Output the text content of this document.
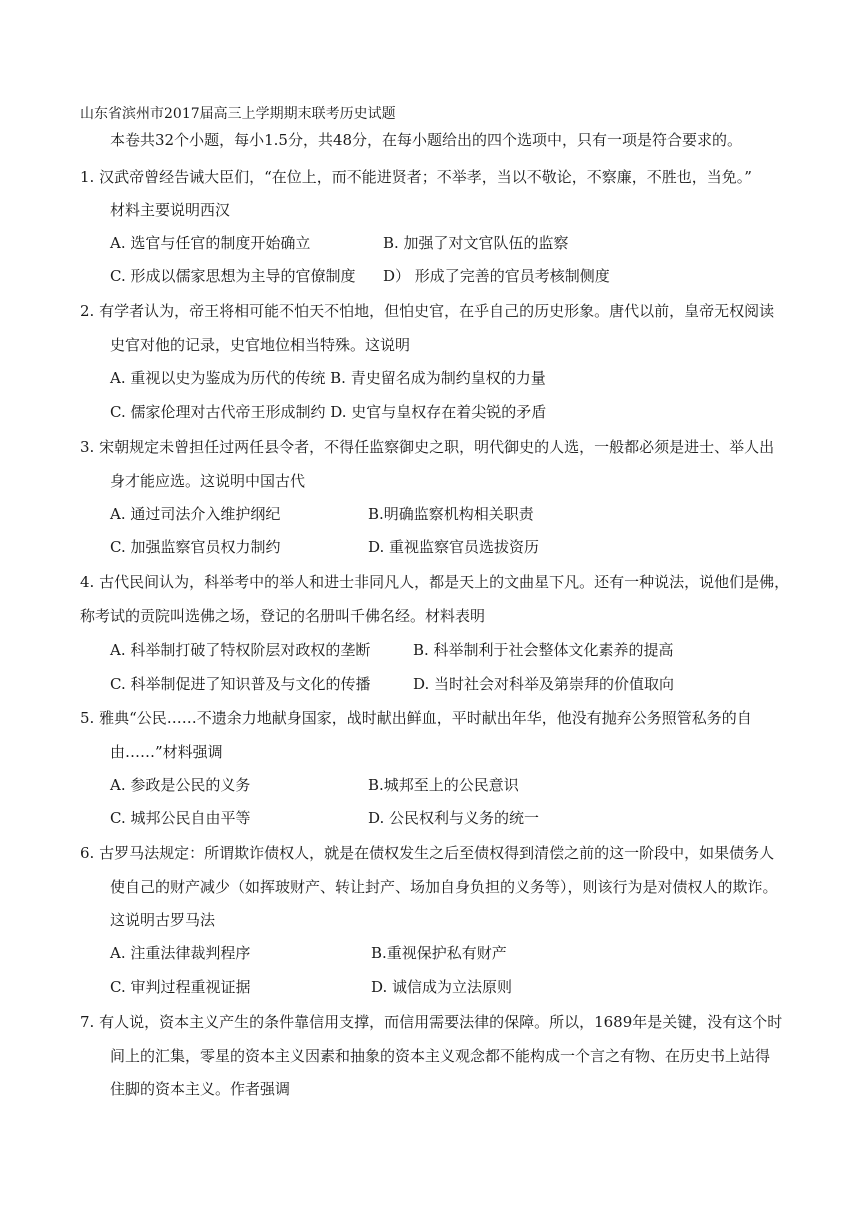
山东省滨州市2017届高三上学期期末联考历史试题
本卷共32个小题，每小1.5分，共48分，在每小题给出的四个选项中，只有一项是符合要求的。
1. 汉武帝曾经告诫大臣们，“在位上，而不能进贤者；不举孝，当以不敬论，不察廉，不胜也，当免。”
材料主要说明西汉
A. 选官与任官的制度开始确立	B. 加强了对文官队伍的监察
C. 形成以儒家思想为主导的官僚制度 D） 形成了完善的官员考核制侧度
2. 有学者认为，帝王将相可能不怕天不怕地，但怕史官，在乎自己的历史形象。唐代以前，皇帝无权阅读
史官对他的记录，史官地位相当特殊。这说明
A. 重视以史为鉴成为历代的传统 B. 青史留名成为制约皇权的力量
C. 儒家伦理对古代帝王形成制约 D. 史官与皇权存在着尖锐的矛盾
3. 宋朝规定未曾担任过两任县令者，不得任监察御史之职，明代御史的人选，一般都必须是进士、举人出
身才能应选。这说明中国古代
A. 通过司法介入维护纲纪	B.明确监察机构相关职责
C. 加强监察官员权力制约	D. 重视监察官员选拔资历
4. 古代民间认为，科举考中的举人和进士非同凡人，都是天上的文曲星下凡。还有一种说法，说他们是佛，
称考试的贡院叫选佛之场，登记的名册叫千佛名经。材料表明
A. 科举制打破了特权阶层对政权的垄断	B. 科举制利于社会整体文化素养的提高
C. 科举制促进了知识普及与文化的传播	D. 当时社会对科举及第崇拜的价值取向
5. 雅典“公民……不遗余力地献身国家，战时献出鲜血，平时献出年华，他没有抛弃公务照管私务的自
由……”材料强调
A. 参政是公民的义务	B.城邦至上的公民意识
C. 城邦公民自由平等	D. 公民权利与义务的统一
6. 古罗马法规定：所谓欺诈债权人，就是在债权发生之后至债权得到清偿之前的这一阶段中，如果债务人
使自己的财产减少（如挥玻财产、转让封产、场加自身负担的义务等），则该行为是对债权人的欺诈。
这说明古罗马法
A. 注重法律裁判程序	B.重视保护私有财产
C. 审判过程重视证据	D. 诚信成为立法原则
7. 有人说，资本主义产生的条件靠信用支撑，而信用需要法律的保障。所以，1689年是关键，没有这个时
间上的汇集，零星的资本主义因素和抽象的资本主义观念都不能构成一个言之有物、在历史书上站得
住脚的资本主义。作者强调
